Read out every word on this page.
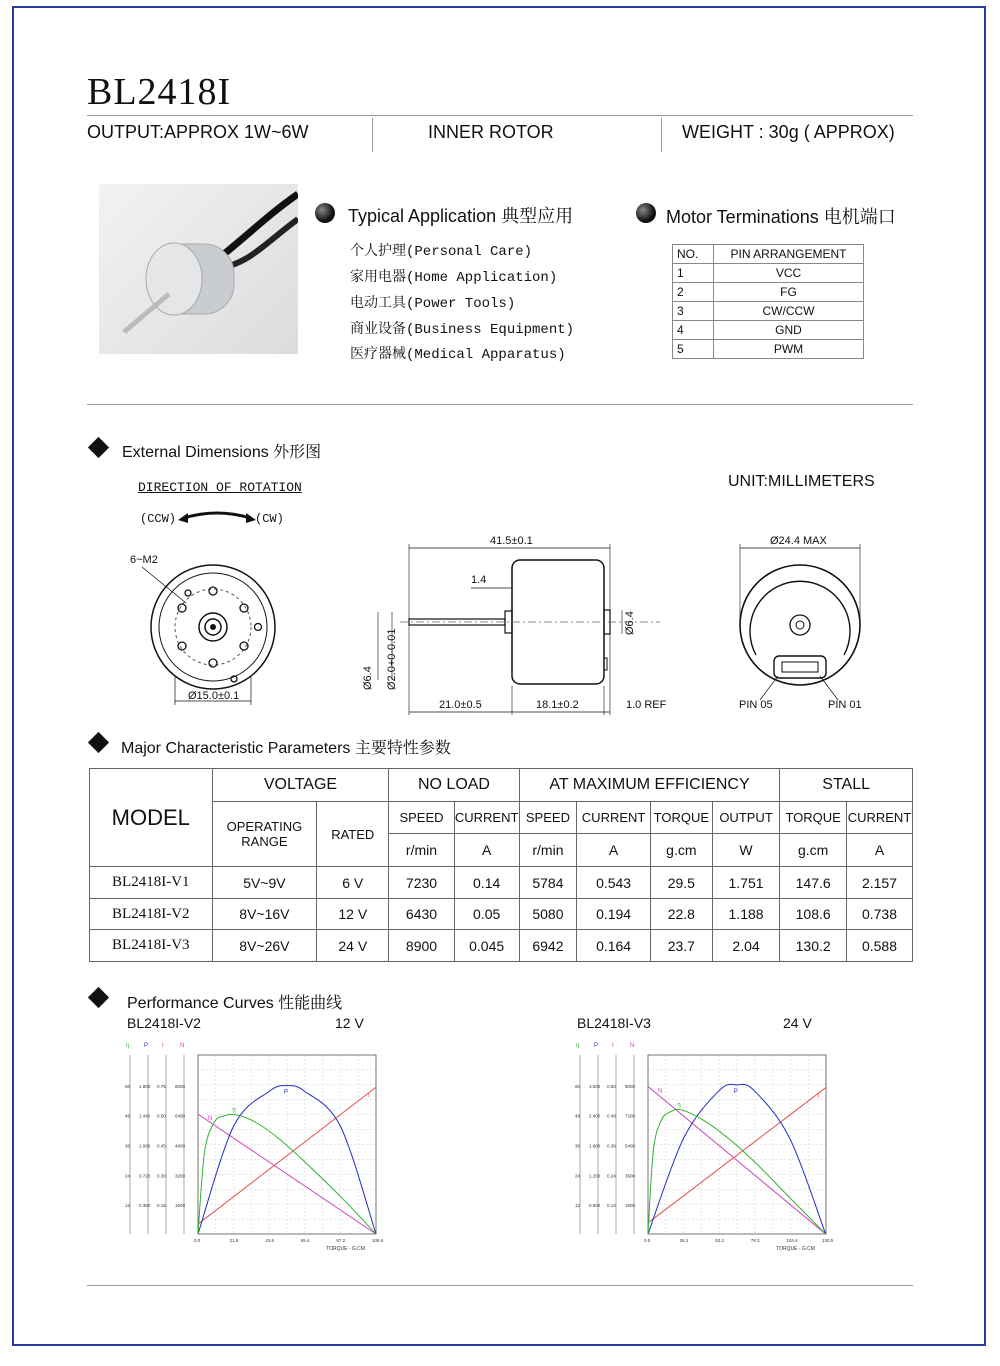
BL2418I
OUTPUT:APPROX 1W~6W	INNER ROTOR	WEIGHT : 30g ( APPROX)
Typical Application 典型应用
个人护理(Personal Care)
家用电器(Home Application)
电动工具(Power Tools)
商业设备(Business Equipment)
医疗器械(Medical Apparatus)
Motor Terminations 电机端口
NO.	PIN ARRANGEMENT
1	VCC
2	FG
3	CW/CCW
4	GND
5	PWM
External Dimensions 外形图
UNIT:MILLIMETERS
DIRECTION OF ROTATION
(CCW)	(CW)
6~M2
Ø15.0±0.1
41.5±0.1
1.4
21.0±0.5	18.1±0.2	1.0 REF
Ø6.4
Ø6.4 Ø2.0+0-0.01
Ø24.4 MAX
PIN 05	PIN 01
Major Characteristic Parameters 主要特性参数
MODEL	VOLTAGE		NO LOAD		AT MAXIMUM EFFICIENCY				STALL	
	OPERATING RANGE	RATED	SPEED	CURRENT	SPEED	CURRENT	TORQUE	OUTPUT	TORQUE	CURRENT
			r/min	A	r/min	A	g.cm	W	g.cm	A
BL2418I-V1	5V~9V	6 V	7230	0.14	5784	0.543	29.5	1.751	147.6	2.157
BL2418I-V2	8V~16V	12 V	6430	0.05	5080	0.194	22.8	1.188	108.6	0.738
BL2418I-V3	8V~26V	24 V	8900	0.045	6942	0.164	23.7	2.04	130.2	0.588
Performance Curves 性能曲线
BL2418I-V2	12 V	BL2418I-V3	24 V
60
48
36
24
12
1.800
1.440
1.080
0.720
0.360
0.75
0.60
0.45
0.30
0.15
8000
6400
4800
3200
1600
η P I	N
0.0	21.8	43.6	65.4	87.2	108.6
TORQUE - G.CM
N
I
P
η
60
48
36
24
12
3.000
2.400
1.800
1.200
0.600
0.60
0.48
0.36
0.24
0.12
9000
7200
5400
3600
1800
η P I	N
0.0	26.1	52.2	78.3	104.4	130.5
TORQUE - G.CM
N
I
P
η
